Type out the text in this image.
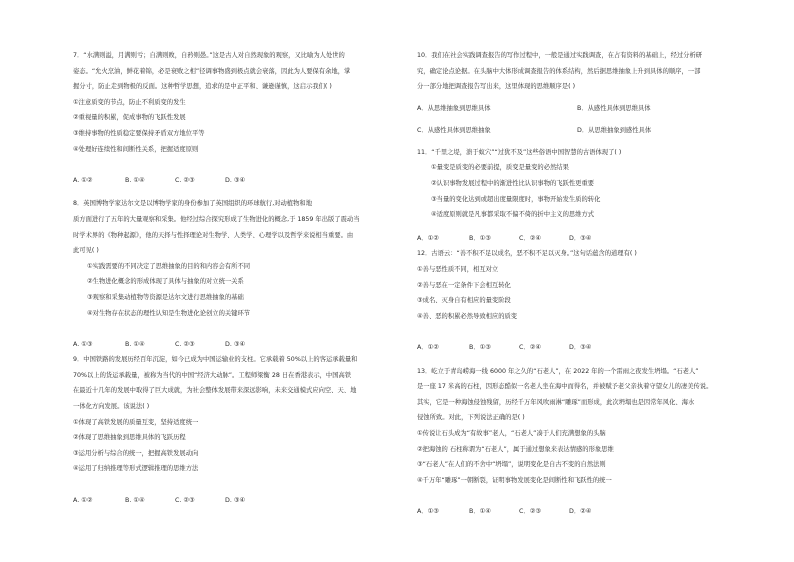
7．“水满则溢，月满则亏；自满则败，自矜则愚。”这是古人对自然现象的观察，又比喻为人处世的

姿态。“允火烹油，鲜花着锦，必是衰败之相”径调事物盛到极点就会衰落，因此为人要保有余地，掌

握分寸，防止走到物极的反面。这种哲学思想，追求的是中正平和、谦逊谨慎，这启示我们( )

①注意质变的节点，防止不利质变的发生

②重视量的积累，促成事物的飞跃性发展

③维持事物的性质稳定要保持矛盾双方地位平等

④处理好连续性和间断性关系，把握适度原则

A. ①②	B. ①④	C. ②③	D. ③④

8．英国博物学家达尔文是以博物学家的身份参加了英国组织的环球航行,对动植物和地

质方面进行了五年的大量观察和采集。他经过综合探究形成了生物进化的概念,于 1859 年出版了震动当

时学术界的《物种起源》，他的天择与性择理论对生物学、人类学、心理学以及哲学来说相当重要。由

此可见( )

①实践需要的不同决定了思维抽象的目的和内容会有所不同

②生物进化概念的形成体现了具体与抽象的对立统一关系

③观察和采集动植物等资源是达尔文进行思维抽象的基础

④对生物存在状态的理性认知是生物进化论创立的关键环节

A. ①③	B. ①④	C. ②③	D. ③④

9．中国铁路的发展历经百年沉淀，如今已成为中国运输业的支柱。它承载着 50%以上的客运承载量和

70%以上的货运承载量，被称为当代的中国“经济大动脉”。工程师梁衡 28 日在香港表示，中国高铁

在最近十几年的发展中取得了巨大成就，为社会整体发展带来深远影响，未来交通模式应向空、天、地

一体化方向发展。该说法( )

①体现了高铁发展的质量互变，坚持适度统一

②体现了思维抽象到思维具体的飞跃历程

③运用分析与综合的统一，把握高铁发展动向

④运用了归纳推理等形式逻辑推理的思维方法

A. ①②	B. ①④	C. ②③	D. ③④

10．我们在社会实践调查报告的写作过程中，一般是通过实践调查，在占有资料的基础上，经过分析研

究，确定论点论据。在头脑中大体形成调查报告的体系结构，然后据思维抽象上升到具体的顺序，一部

分一部分地把调查报告写出来，这里体现的思维顺序是( )

A．从思维抽象到思维具体	B．从感性具体到思维具体

C．从感性具体到思维抽象	D．从思维抽象到感性具体

11．“千里之堤，溃于蚁穴”“过犹不及”这些俗语中国智慧的古语体现了( )

①量变是质变的必要前提，质变是量变的必然结果

②认识事物发展过程中的渐进性比认识事物的飞跃性更重要

③当量的变化达到或超出度量限度时，事物开始发生质的转化

④适度原则就是凡事都采取不偏不倚的折中主义的思维方式

A．①②	B．①③	C．②④	D．③④

12．古语云：“善不积不足以成名，恶不积不足以灭身。”这句话蕴含的道理有( )

①善与恶性质不同，相互对立

②善与恶在一定条件下会相互转化

③成名、灭身自有相应的量变阶段

④善、恶的积累必然导致相应的质变

A．①②	B．①③	C．②④	D．③④

13．屹立于青岛崂海一线 6000 年之久的“石老人”，在 2022 年的一个雷雨之夜发生坍塌。“石老人”

是一座 17 米高的石柱，因形态酷似一名老人坐在海中而得名，并被赋予老父亲执着守望女儿的凄美传说。

其实，它是一种海蚀侵蚀残留，历经千万年风吹雨淋“雕琢”而形成，此次坍塌也是因常年风化、海水

侵蚀所致。对此，下列说法正确的是( )

①传说让石头成为“有故事”老人，“石老人”凑于人们充满想象的头脑

②把海蚀的 石柱称谓为“石老人”，属于通过想象来表达情感的形象思维

③“石老人”在人们的不舍中“坍塌”，说明变化是自古不变的自然法则

④千万年“雕琢”一朝断裂，证明事物发展变化是间断性和飞跃性的统一

A．①③	B．①④	C．②③	D．②④
